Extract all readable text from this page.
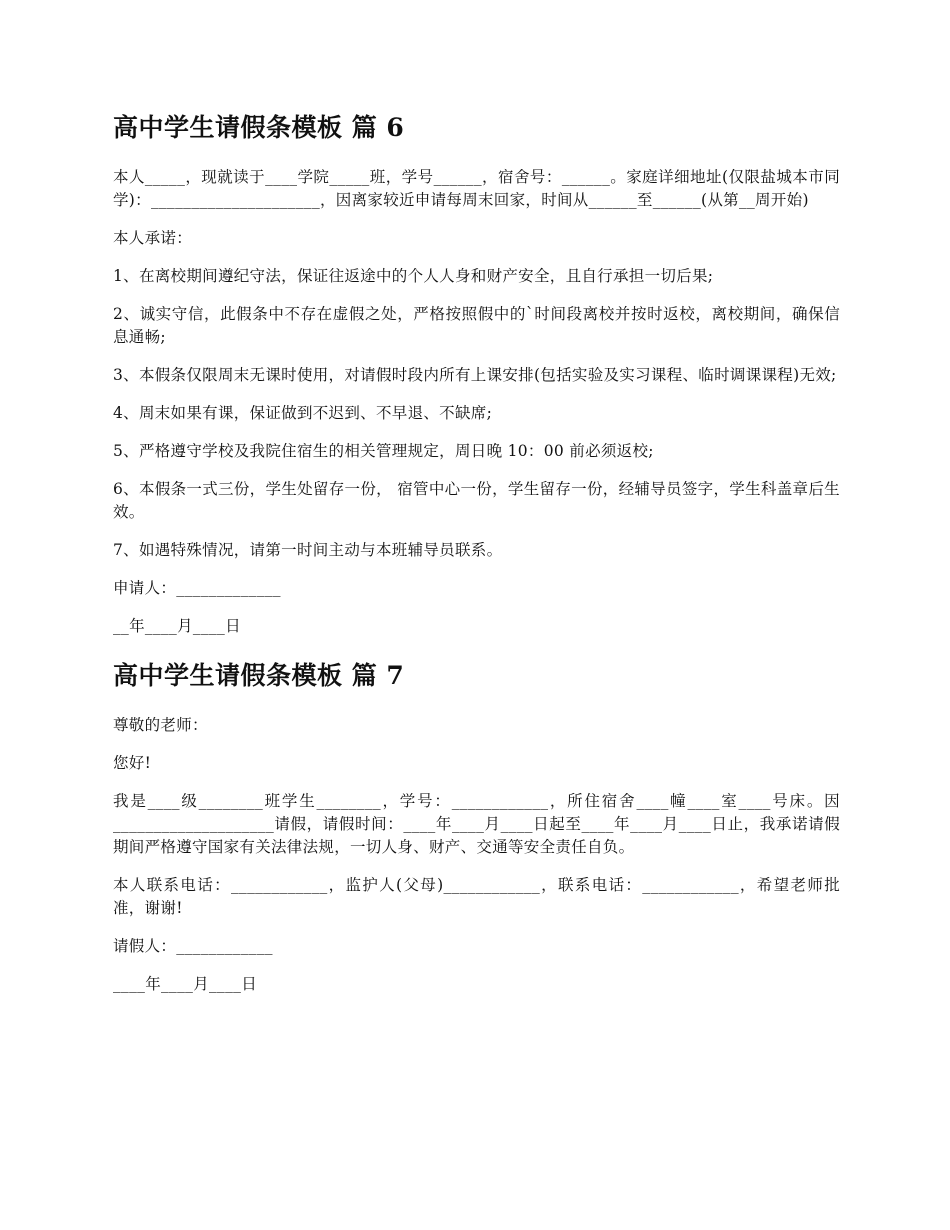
高中学生请假条模板 篇 6

本人_____，现就读于____学院_____班，学号______，宿舍号：______。家庭详细地址(仅限盐城本市同学)：_____________________，因离家较近申请每周末回家，时间从______至______(从第__周开始)

本人承诺：

1、在离校期间遵纪守法，保证往返途中的个人人身和财产安全，且自行承担一切后果;

2、诚实守信，此假条中不存在虚假之处，严格按照假中的`时间段离校并按时返校，离校期间，确保信息通畅;

3、本假条仅限周末无课时使用，对请假时段内所有上课安排(包括实验及实习课程、临时调课课程)无效;

4、周末如果有课，保证做到不迟到、不早退、不缺席;

5、严格遵守学校及我院住宿生的相关管理规定，周日晚 10：00 前必须返校;

6、本假条一式三份，学生处留存一份， 宿管中心一份，学生留存一份，经辅导员签字，学生科盖章后生效。

7、如遇特殊情况，请第一时间主动与本班辅导员联系。

申请人：_____________

__年____月____日

高中学生请假条模板 篇 7

尊敬的老师：

您好!

我是____级________班学生________，学号：____________，所住宿舍____幢____室____号床。因____________________请假，请假时间：____年____月____日起至____年____月____日止，我承诺请假期间严格遵守国家有关法律法规，一切人身、财产、交通等安全责任自负。

本人联系电话：____________，监护人(父母)____________，联系电话：____________，希望老师批准，谢谢!

请假人：____________

____年____月____日
